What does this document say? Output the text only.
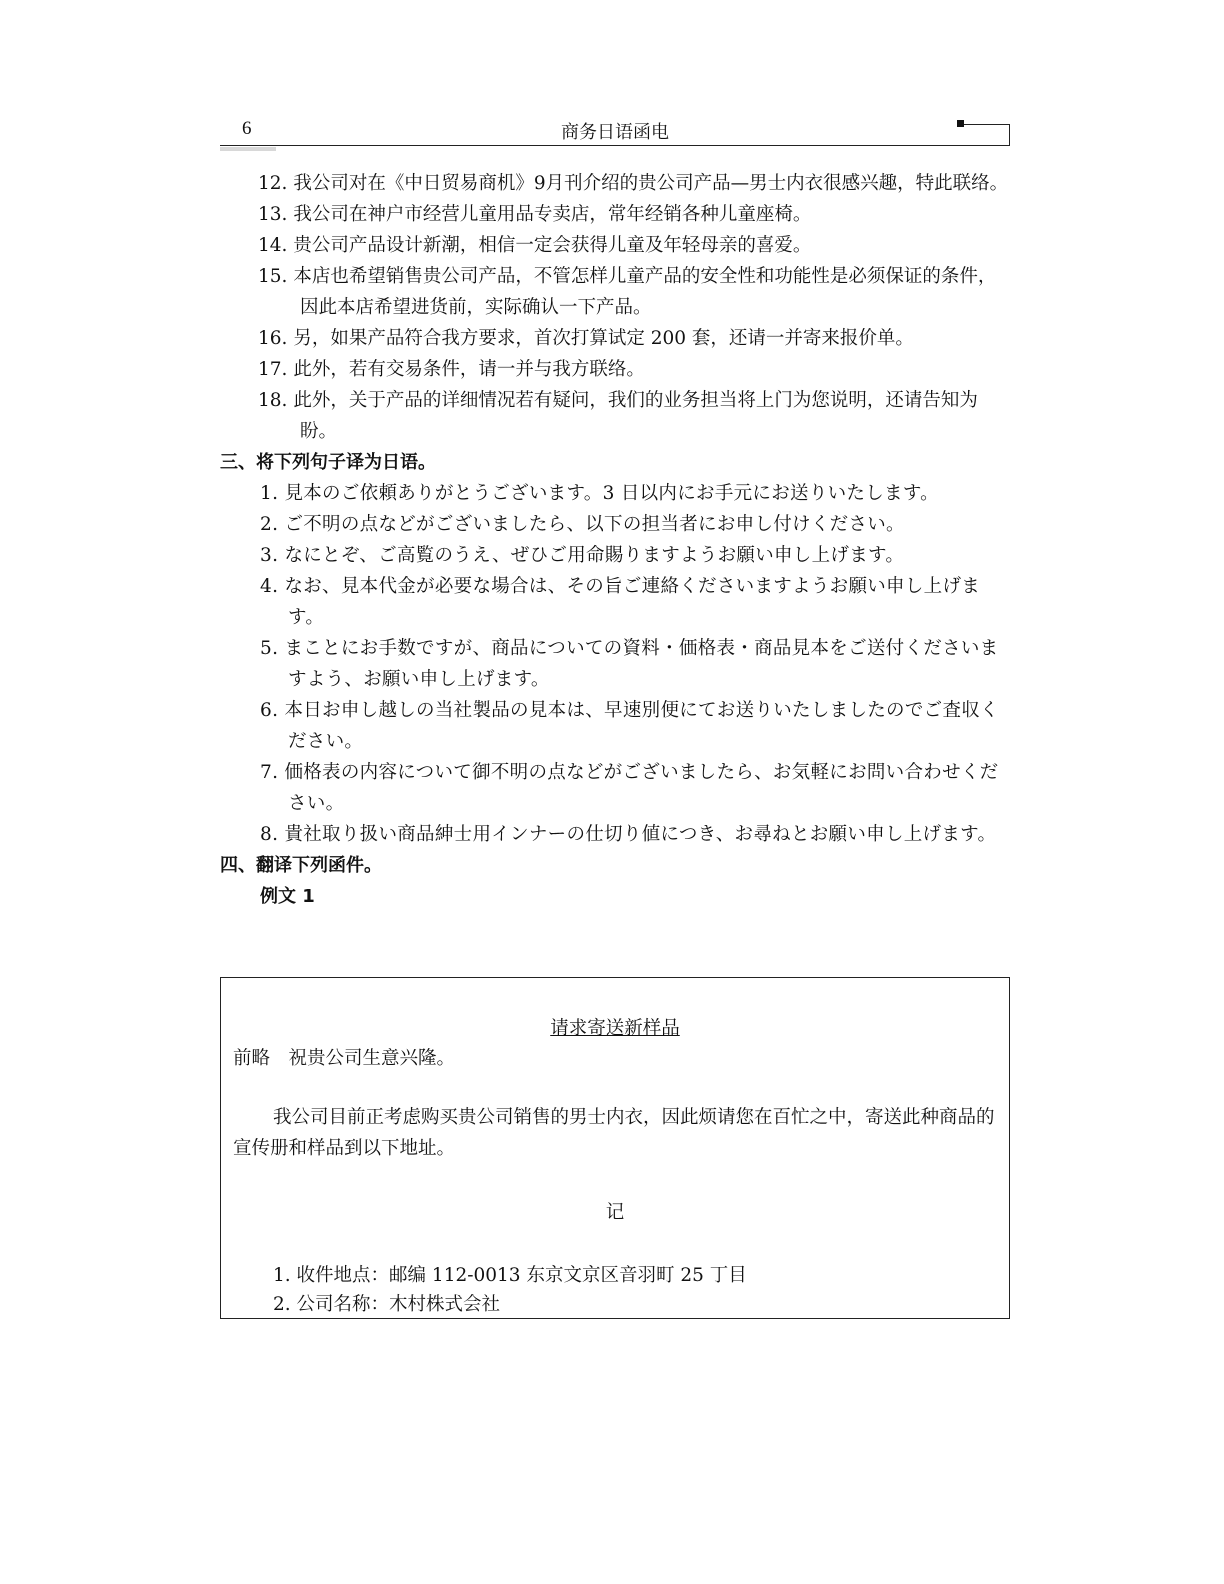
6	商务日语函电
12. 我公司对在《中日贸易商机》9月刊介绍的贵公司产品—男士内衣很感兴趣，特此联络。
13. 我公司在神户市经营儿童用品专卖店，常年经销各种儿童座椅。
14. 贵公司产品设计新潮，相信一定会获得儿童及年轻母亲的喜爱。
15. 本店也希望销售贵公司产品，不管怎样儿童产品的安全性和功能性是必须保证的条件，因此本店希望进货前，实际确认一下产品。
16. 另，如果产品符合我方要求，首次打算试定 200 套，还请一并寄来报价单。
17. 此外，若有交易条件，请一并与我方联络。
18. 此外，关于产品的详细情况若有疑问，我们的业务担当将上门为您说明，还请告知为盼。
三、将下列句子译为日语。
1. 見本のご依頼ありがとうございます。3 日以内にお手元にお送りいたします。
2. ご不明の点などがございましたら、以下の担当者にお申し付けください。
3. なにとぞ、ご高覧のうえ、ぜひご用命賜りますようお願い申し上げます。
4. なお、見本代金が必要な場合は、その旨ご連絡くださいますようお願い申し上げます。
5. まことにお手数ですが、商品についての資料・価格表・商品見本をご送付くださいますよう、お願い申し上げます。
6. 本日お申し越しの当社製品の見本は、早速別便にてお送りいたしましたのでご査収ください。
7. 価格表の内容について御不明の点などがございましたら、お気軽にお問い合わせください。
8. 貴社取り扱い商品紳士用インナーの仕切り値につき、お尋ねとお願い申し上げます。
四、翻译下列函件。
例文 1
请求寄送新样品
前略　祝贵公司生意兴隆。
我公司目前正考虑购买贵公司销售的男士内衣，因此烦请您在百忙之中，寄送此种商品的宣传册和样品到以下地址。
记
1. 收件地点：邮编 112-0013 东京文京区音羽町 25 丁目
2. 公司名称：木村株式会社
